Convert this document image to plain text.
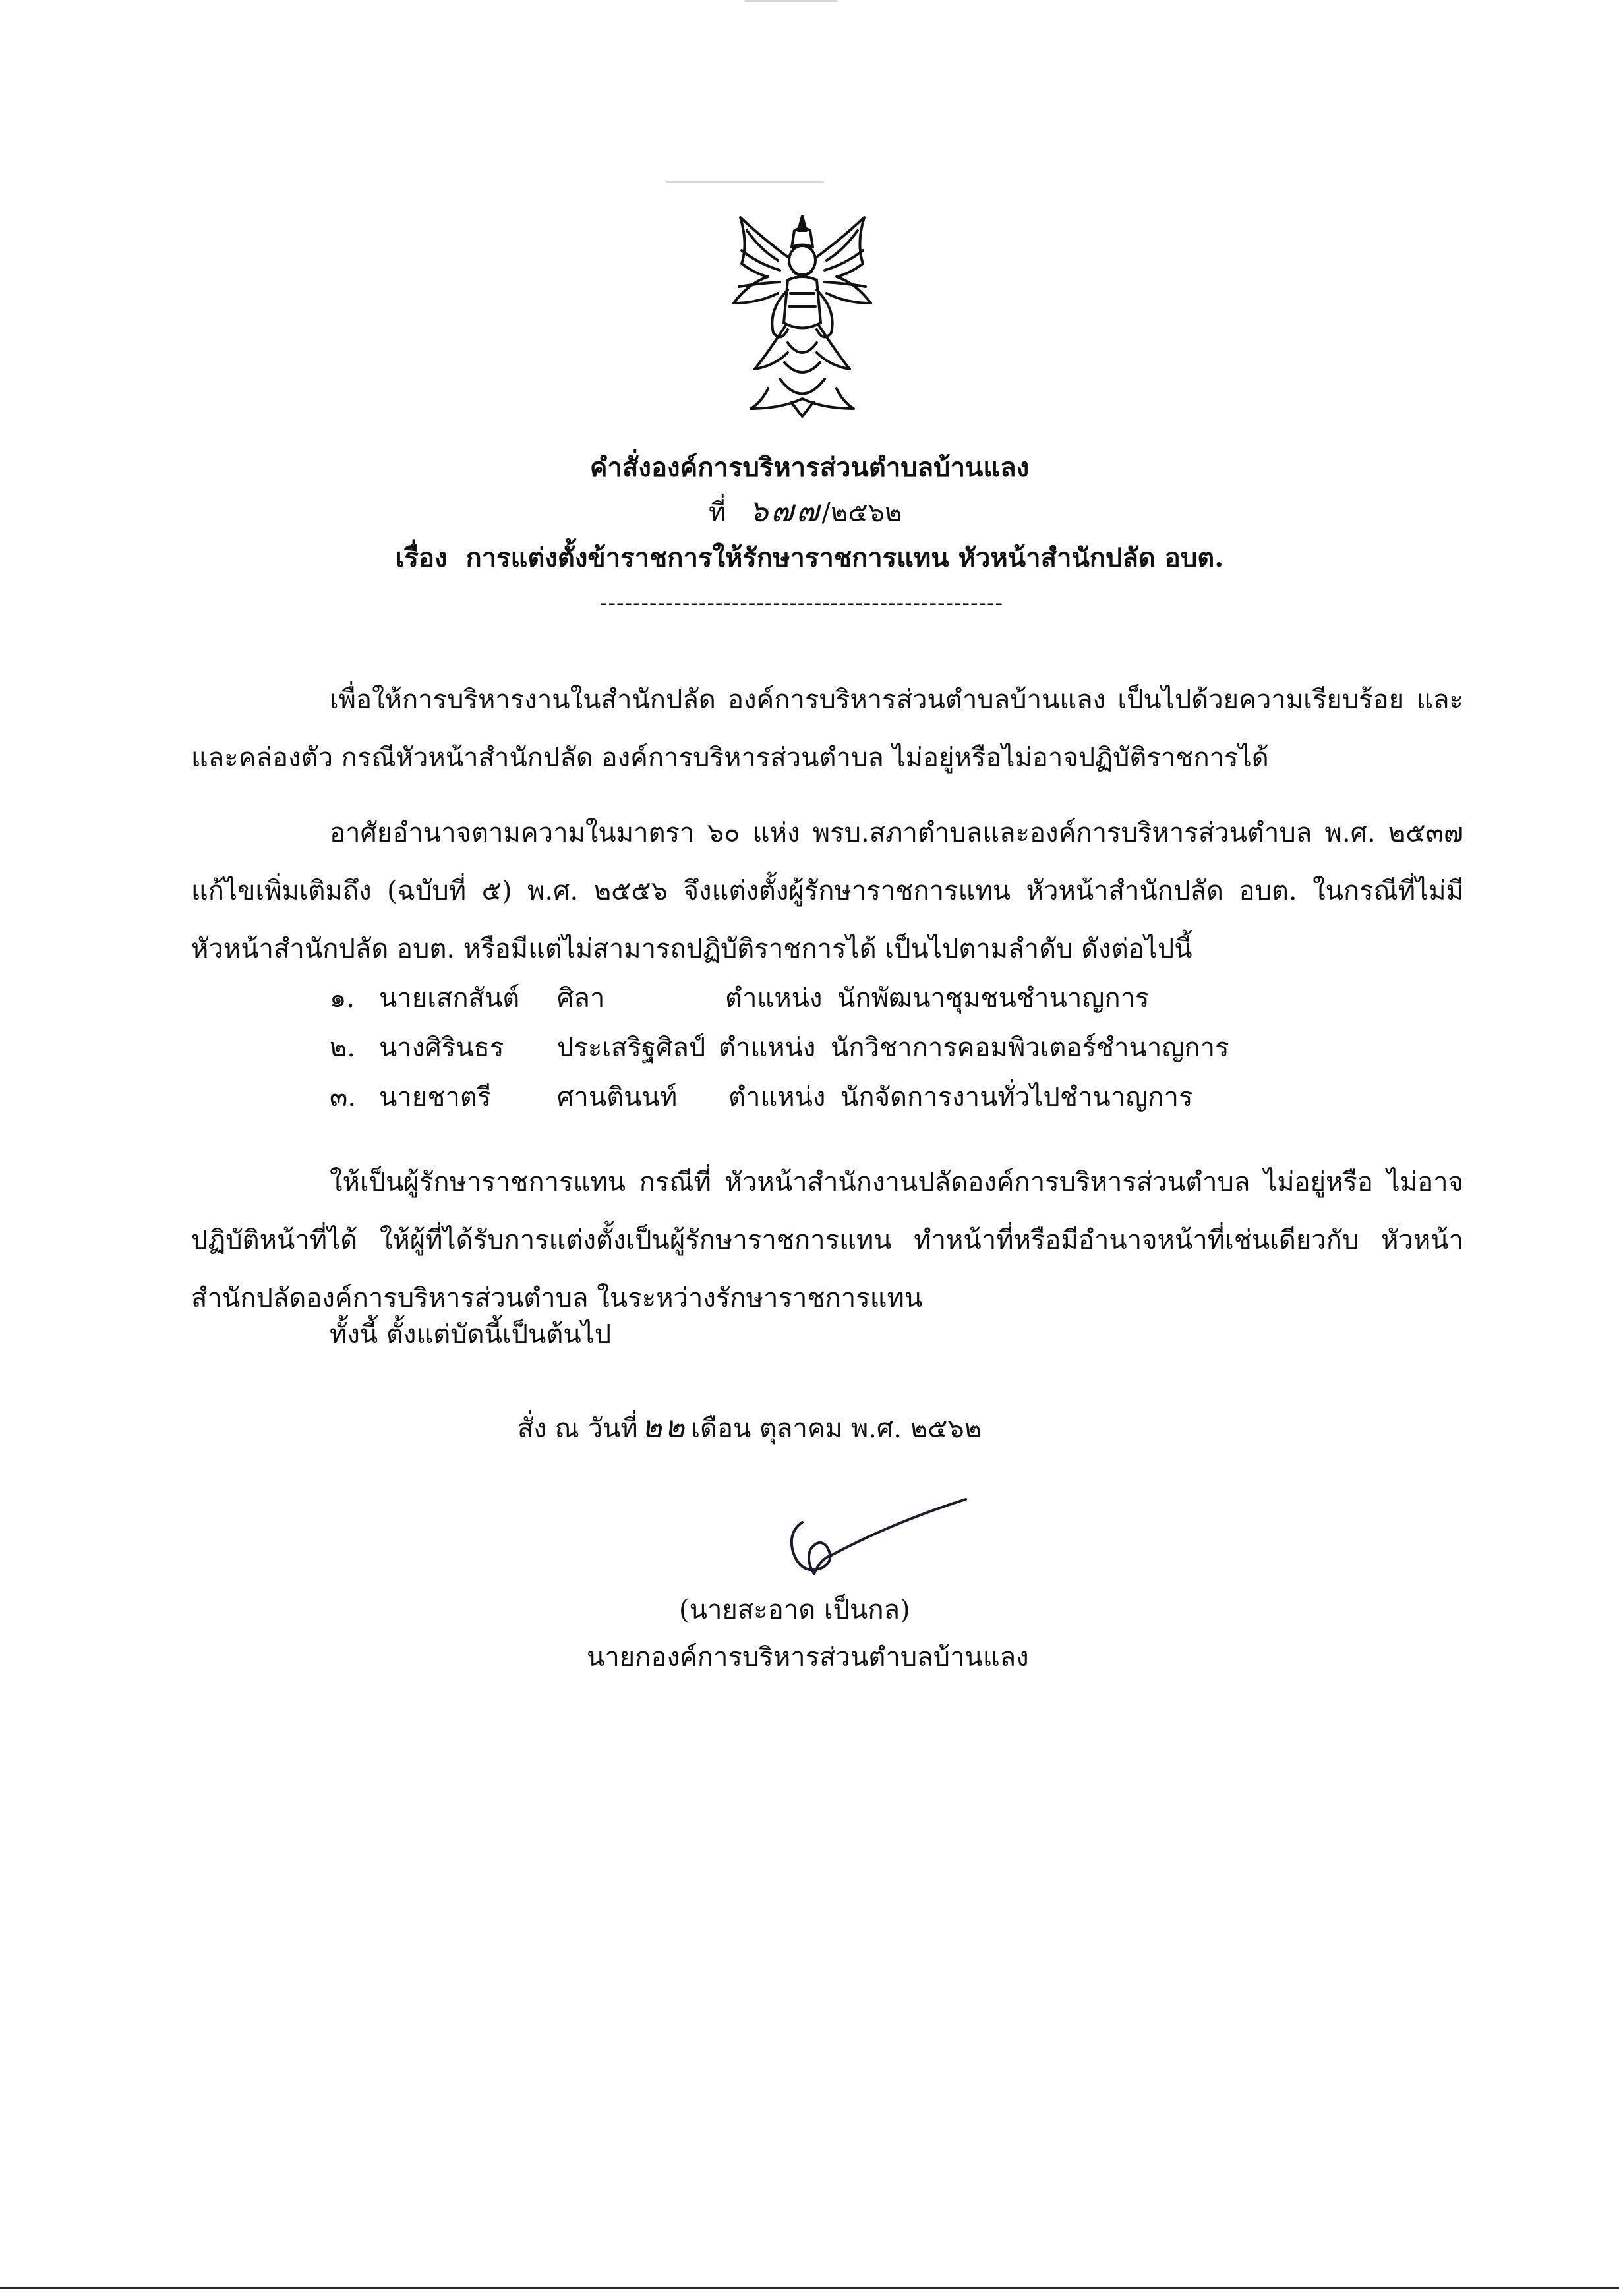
คำสั่งองค์การบริหารส่วนตำบลบ้านแลง
ที่ ๖๗๗/๒๕๖๒
เรื่อง การแต่งตั้งข้าราชการให้รักษาราชการแทน หัวหน้าสำนักปลัด อบต.
-------------------------------------------------

เพื่อให้การบริหารงานในสำนักปลัด องค์การบริหารส่วนตำบลบ้านแลง เป็นไปด้วยความเรียบร้อย และและคล่องตัว กรณีหัวหน้าสำนักปลัด องค์การบริหารส่วนตำบล ไม่อยู่หรือไม่อาจปฏิบัติราชการได้

อาศัยอำนาจตามความในมาตรา ๖๐ แห่ง พรบ.สภาตำบลและองค์การบริหารส่วนตำบล พ.ศ. ๒๕๓๗ แก้ไขเพิ่มเติมถึง (ฉบับที่ ๕) พ.ศ. ๒๕๕๖ จึงแต่งตั้งผู้รักษาราชการแทน หัวหน้าสำนักปลัด อบต. ในกรณีที่ไม่มีหัวหน้าสำนักปลัด อบต. หรือมีแต่ไม่สามารถปฏิบัติราชการได้ เป็นไปตามลำดับ ดังต่อไปนี้

๑. นายเสกสันต์ ศิลา	ตำแหน่ง นักพัฒนาชุมชนชำนาญการ
๒. นางศิรินธร ประเสริฐศิลป์ ตำแหน่ง นักวิชาการคอมพิวเตอร์ชำนาญการ
๓. นายชาตรี ศานตินนท์ ตำแหน่ง นักจัดการงานทั่วไปชำนาญการ

ให้เป็นผู้รักษาราชการแทน กรณีที่ หัวหน้าสำนักงานปลัดองค์การบริหารส่วนตำบล ไม่อยู่หรือ ไม่อาจปฏิบัติหน้าที่ได้ ให้ผู้ที่ได้รับการแต่งตั้งเป็นผู้รักษาราชการแทน ทำหน้าที่หรือมีอำนาจหน้าที่เช่นเดียวกับ หัวหน้าสำนักปลัดองค์การบริหารส่วนตำบล ในระหว่างรักษาราชการแทน

ทั้งนี้ ตั้งแต่บัดนี้เป็นต้นไป
สั่ง ณ วันที่ ๒๒ เดือน ตุลาคม พ.ศ. ๒๕๖๒
(นายสะอาด เป็นกล)
นายกองค์การบริหารส่วนตำบลบ้านแลง
